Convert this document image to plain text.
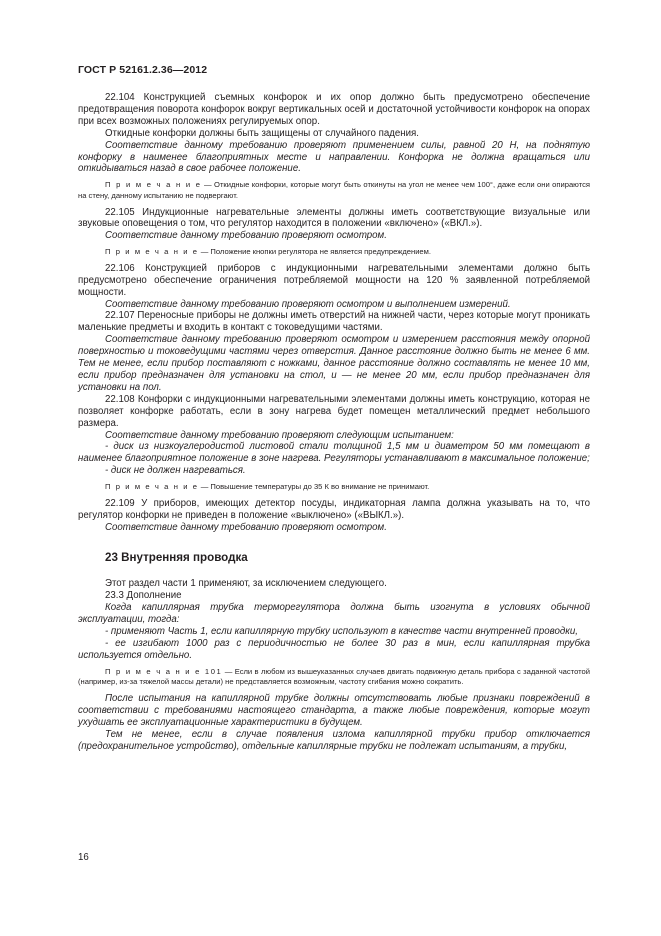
ГОСТ Р 52161.2.36—2012

22.104 Конструкцией съемных конфорок и их опор должно быть предусмотрено обеспечение предотвращения поворота конфорок вокруг вертикальных осей и достаточной устойчивости конфорок на опорах при всех возможных положениях регулируемых опор.

Откидные конфорки должны быть защищены от случайного падения.

Соответствие данному требованию проверяют применением силы, равной 20 Н, на поднятую конфорку в наименее благоприятных месте и направлении. Конфорка не должна вращаться или откидываться назад в свое рабочее положение.

П р и м е ч а н и е — Откидные конфорки, которые могут быть откинуты на угол не менее чем 100°, даже если они опираются на стену, данному испытанию не подвергают.

22.105 Индукционные нагревательные элементы должны иметь соответствующие визуальные или звуковые оповещения о том, что регулятор находится в положении «включено» («ВКЛ.»).

Соответствие данному требованию проверяют осмотром.

П р и м е ч а н и е — Положение кнопки регулятора не является предупреждением.

22.106 Конструкцией приборов с индукционными нагревательными элементами должно быть предусмотрено обеспечение ограничения потребляемой мощности на 120 % заявленной потребляемой мощности.

Соответствие данному требованию проверяют осмотром и выполнением измерений.

22.107 Переносные приборы не должны иметь отверстий на нижней части, через которые могут проникать маленькие предметы и входить в контакт с токоведущими частями.

Соответствие данному требованию проверяют осмотром и измерением расстояния между опорной поверхностью и токоведущими частями через отверстия. Данное расстояние должно быть не менее 6 мм. Тем не менее, если прибор поставляют с ножками, данное расстояние должно составлять не менее 10 мм, если прибор предназначен для установки на стол, и — не менее 20 мм, если прибор предназначен для установки на пол.

22.108 Конфорки с индукционными нагревательными элементами должны иметь конструкцию, которая не позволяет конфорке работать, если в зону нагрева будет помещен металлический предмет небольшого размера.

Соответствие данному требованию проверяют следующим испытанием:

- диск из низкоуглеродистой листовой стали толщиной 1,5 мм и диаметром 50 мм помещают в наименее благоприятное положение в зоне нагрева. Регуляторы устанавливают в максимальное положение;

- диск не должен нагреваться.

П р и м е ч а н и е — Повышение температуры до 35 К во внимание не принимают.

22.109 У приборов, имеющих детектор посуды, индикаторная лампа должна указывать на то, что регулятор конфорки не приведен в положение «выключено» («ВЫКЛ.»).

Соответствие данному требованию проверяют осмотром.

23 Внутренняя проводка

Этот раздел части 1 применяют, за исключением следующего.

23.3 Дополнение

Когда капиллярная трубка терморегулятора должна быть изогнута в условиях обычной эксплуатации, тогда:

- применяют Часть 1, если капиллярную трубку используют в качестве части внутренней проводки,

- ее изгибают 1000 раз с периодичностью не более 30 раз в мин, если капиллярная трубка используется отдельно.

П р и м е ч а н и е 101 — Если в любом из вышеуказанных случаев двигать подвижную деталь прибора с заданной частотой (например, из-за тяжелой массы детали) не представляется возможным, частоту сгибания можно сократить.

После испытания на капиллярной трубке должны отсутствовать любые признаки повреждений в соответствии с требованиями настоящего стандарта, а также любые повреждения, которые могут ухудшать ее эксплуатационные характеристики в будущем.

Тем не менее, если в случае появления излома капиллярной трубки прибор отключается (предохранительное устройство), отдельные капиллярные трубки не подлежат испытаниям, а трубки,

16
